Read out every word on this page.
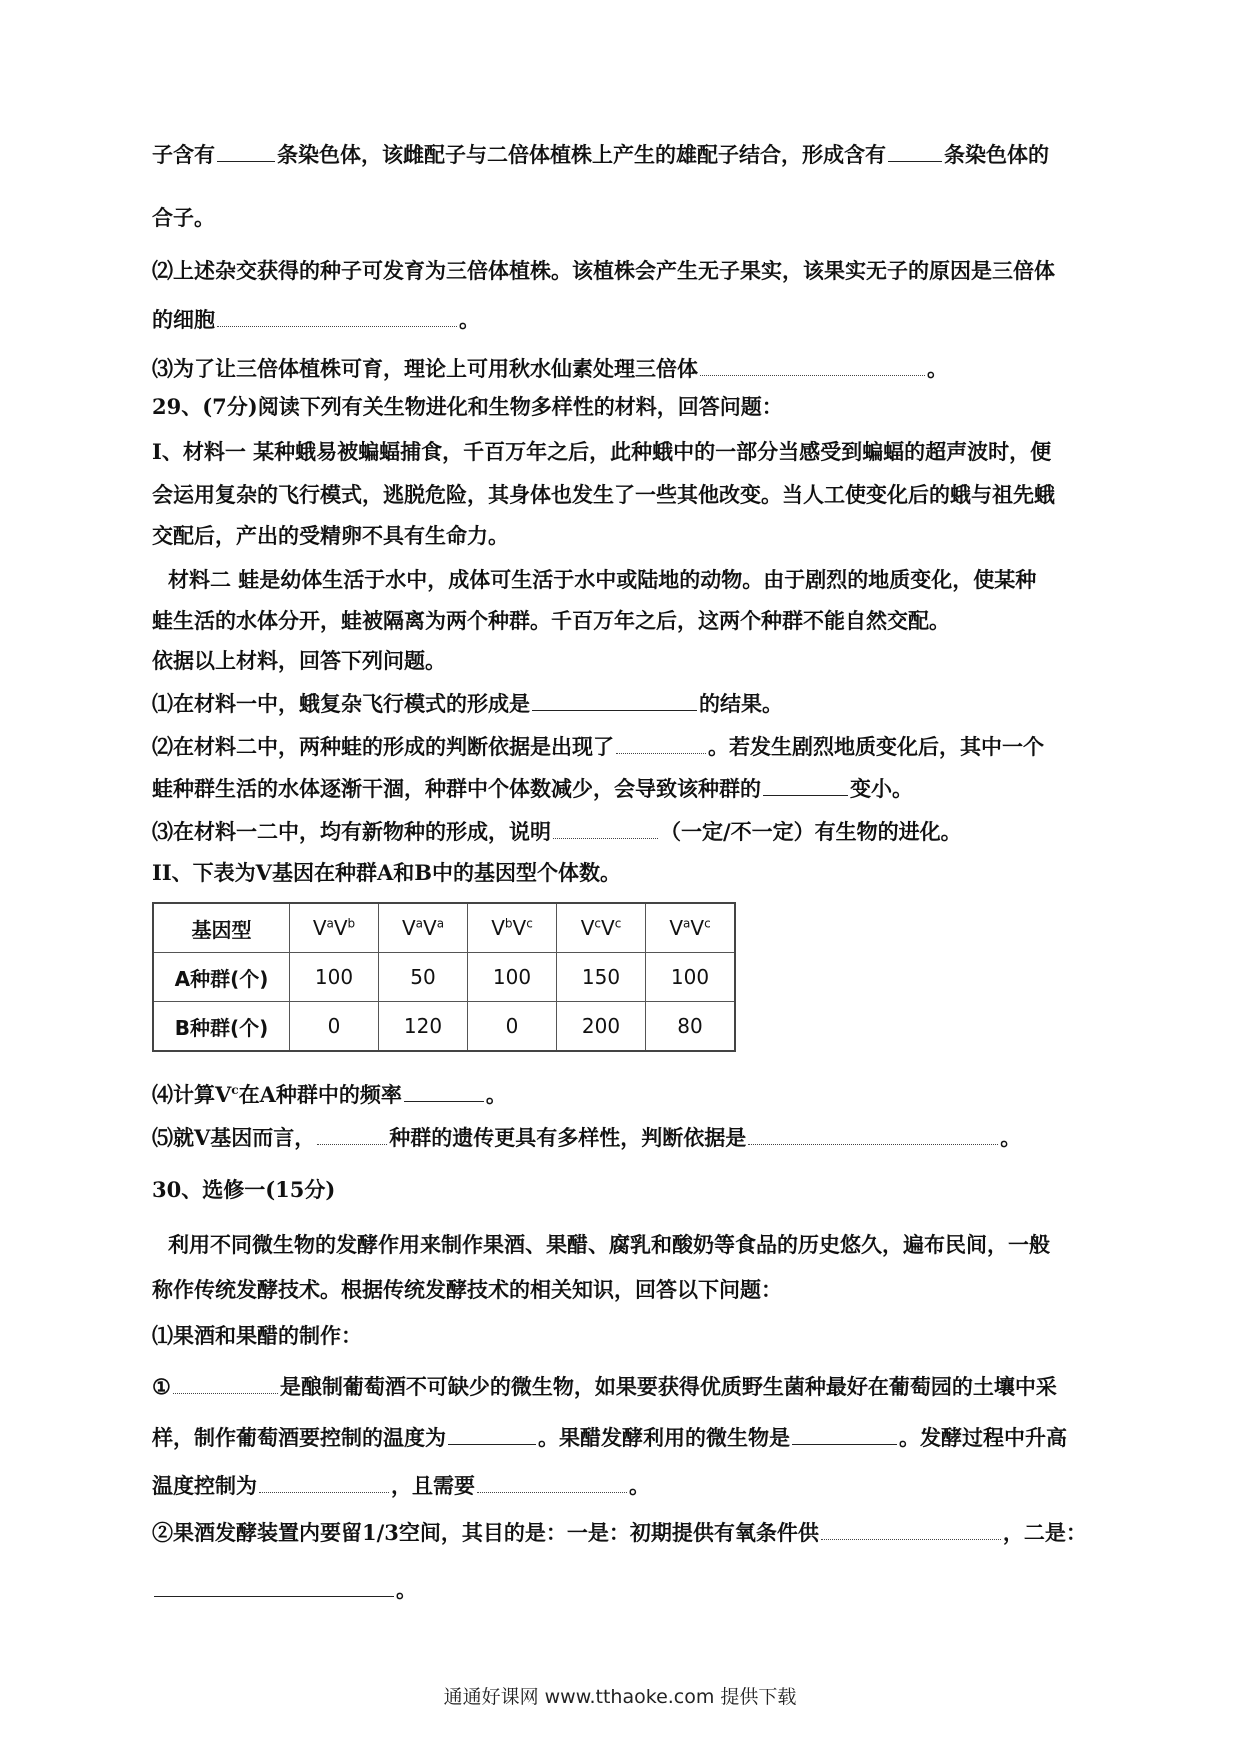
子含有	条染色体，该雌配子与二倍体植株上产生的雄配子结合，形成含有	条染色体的
合子。
⑵上述杂交获得的种子可发育为三倍体植株。该植株会产生无子果实，该果实无子的原因是三倍体
的细胞	。
⑶为了让三倍体植株可育，理论上可用秋水仙素处理三倍体	。
29、(7分)阅读下列有关生物进化和生物多样性的材料，回答问题：
I、材料一 某种蛾易被蝙蝠捕食，千百万年之后，此种蛾中的一部分当感受到蝙蝠的超声波时，便
会运用复杂的飞行模式，逃脱危险，其身体也发生了一些其他改变。当人工使变化后的蛾与祖先蛾
交配后，产出的受精卵不具有生命力。
材料二 蛙是幼体生活于水中，成体可生活于水中或陆地的动物。由于剧烈的地质变化，使某种
蛙生活的水体分开，蛙被隔离为两个种群。千百万年之后，这两个种群不能自然交配。
依据以上材料，回答下列问题。
⑴在材料一中，蛾复杂飞行模式的形成是	的结果。
⑵在材料二中，两种蛙的形成的判断依据是出现了	。若发生剧烈地质变化后，其中一个
蛙种群生活的水体逐渐干涸，种群中个体数减少，会导致该种群的	变小。
⑶在材料一二中，均有新物种的形成，说明	（一定/不一定）有生物的进化。
II、下表为V基因在种群A和B中的基因型个体数。
基因型	$V^aV^b$	$V^aV^a$	$V^bV^c$	$V^cV^c$	$V^aV^c$
A种群(个)	100	50	100	150	100
B种群(个)	0	120	0	200	80
⑷计算$V^c$在A种群中的频率	。
⑸就V基因而言，	种群的遗传更具有多样性，判断依据是	。
30、选修一(15分)
利用不同微生物的发酵作用来制作果酒、果醋、腐乳和酸奶等食品的历史悠久，遍布民间，一般
称作传统发酵技术。根据传统发酵技术的相关知识，回答以下问题：
⑴果酒和果醋的制作：
①	是酿制葡萄酒不可缺少的微生物，如果要获得优质野生菌种最好在葡萄园的土壤中采
样，制作葡萄酒要控制的温度为	。果醋发酵利用的微生物是	。发酵过程中升高
温度控制为	，且需要	。
②果酒发酵装置内要留1/3空间，其目的是：一是：初期提供有氧条件供	，二是：
。
通通好课网 www.tthaoke.com 提供下载
